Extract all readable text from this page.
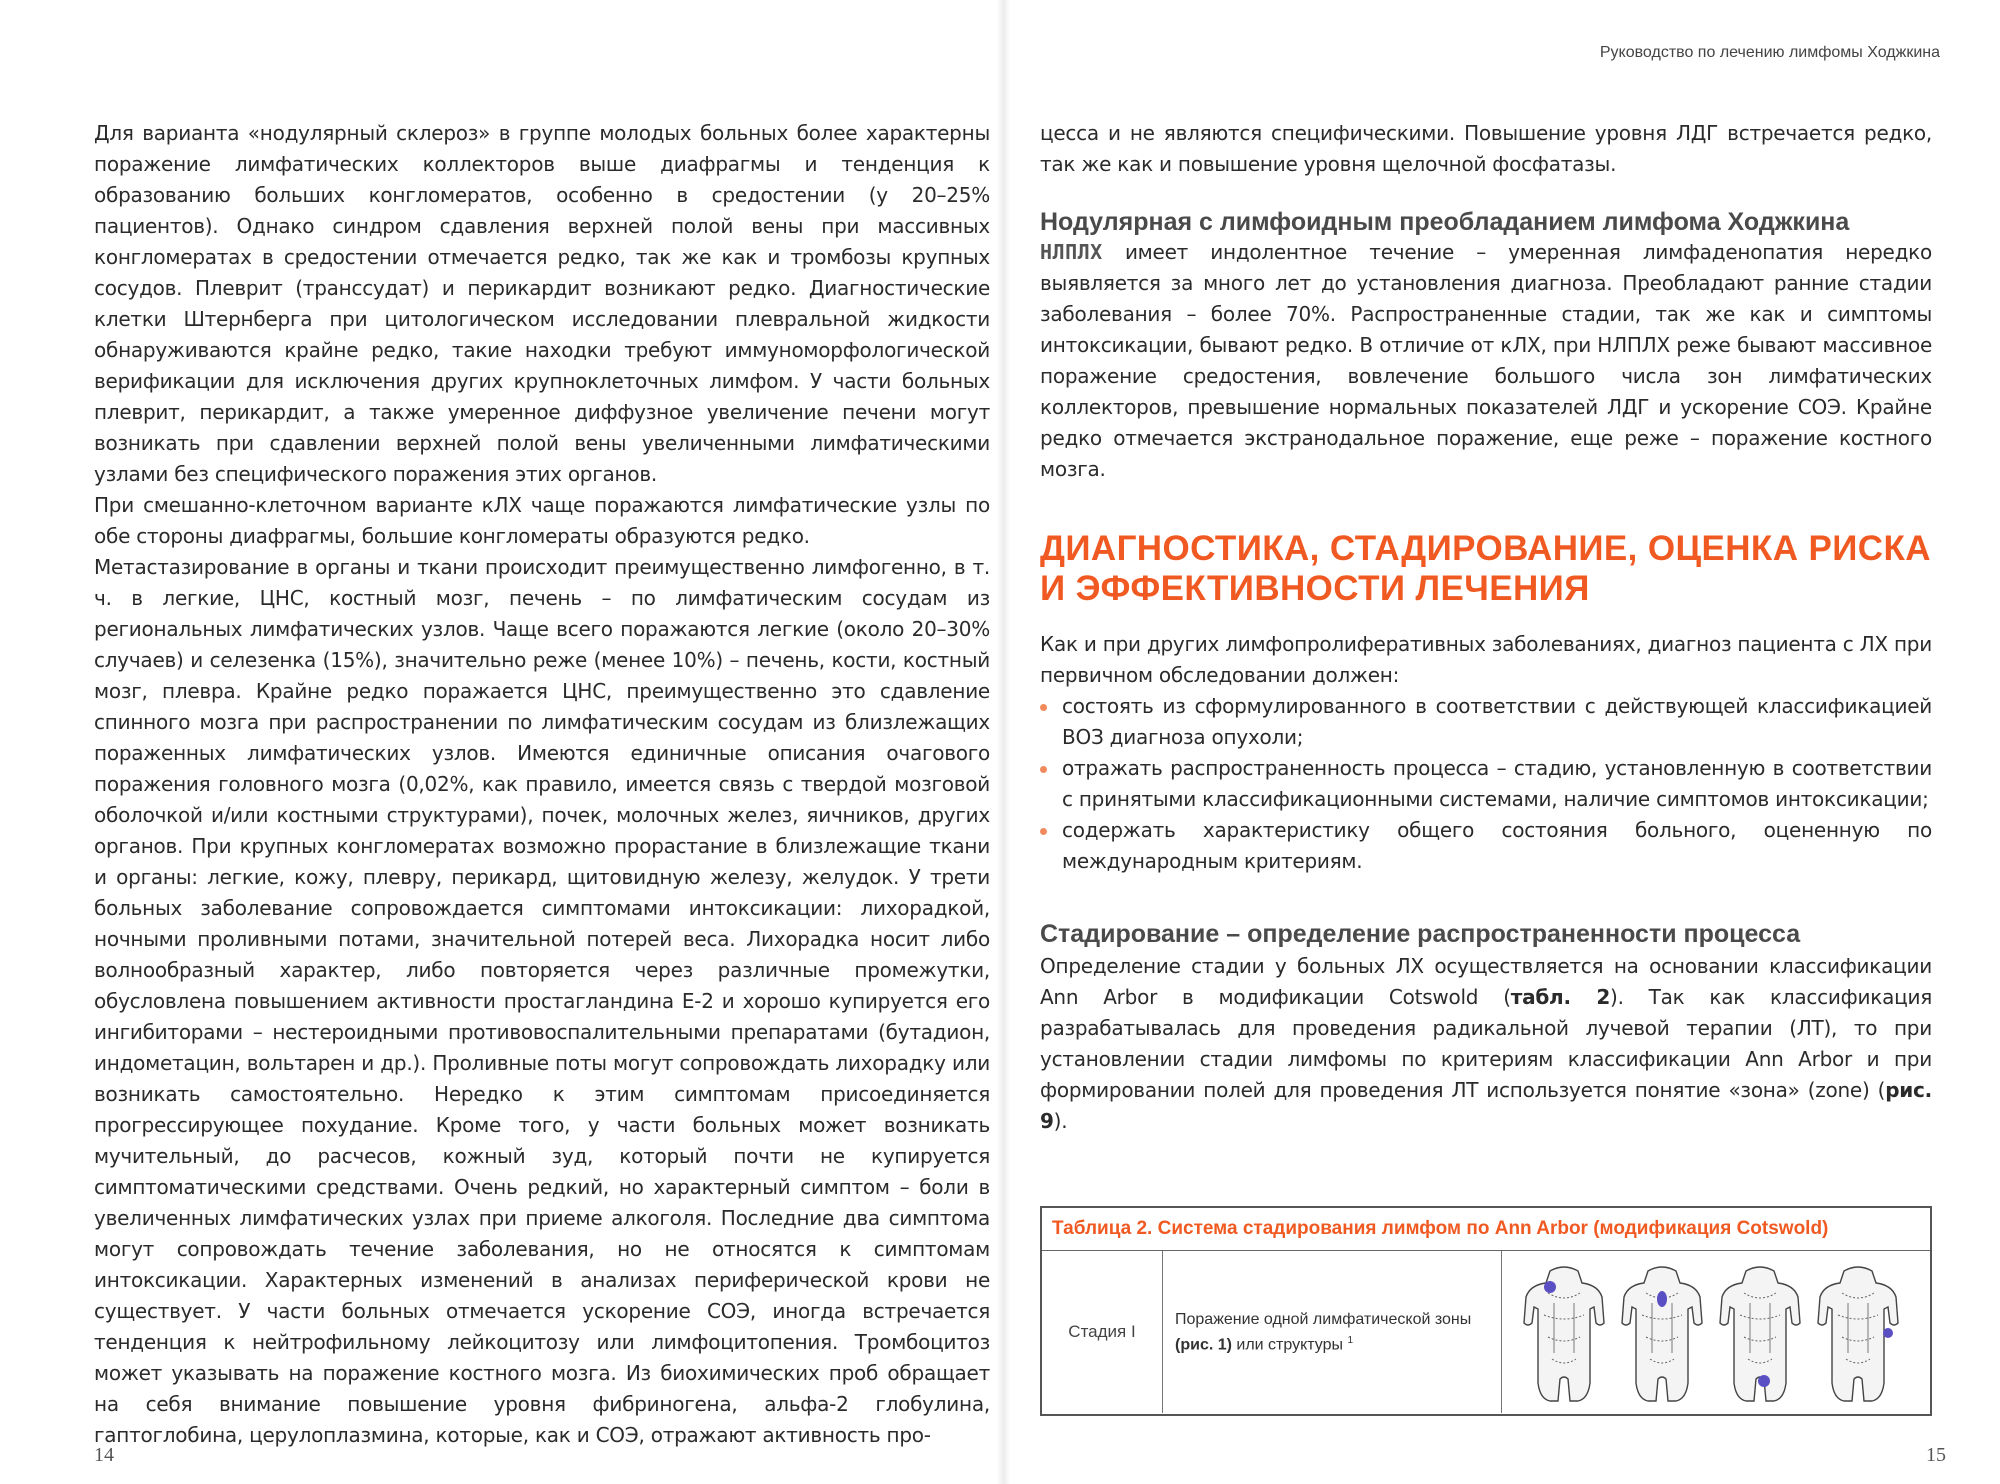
Руководство по лечению лимфомы Ходжкина

Для варианта «нодулярный склероз» в группе молодых больных более характерны поражение лимфатических коллекторов выше диафрагмы и тенденция к образованию больших конгломератов, особенно в средостении (у 20–25% пациентов). Однако синдром сдавления верхней полой вены при массивных конгломератах в средостении отмечается редко, так же как и тромбозы крупных сосудов. Плеврит (транссудат) и перикардит возникают редко. Диагностические клетки Штернберга при цитологическом исследовании плевральной жидкости обнаруживаются крайне редко, такие находки требуют иммуноморфологической верификации для исключения других крупноклеточных лимфом. У части больных плеврит, перикардит, а также умеренное диффузное увеличение печени могут возникать при сдавлении верхней полой вены увеличенными лимфатическими узлами без специфического поражения этих органов.

При смешанно-клеточном варианте кЛХ чаще поражаются лимфатические узлы по обе стороны диафрагмы, большие конгломераты образуются редко.

Метастазирование в органы и ткани происходит преимущественно лимфогенно, в т. ч. в легкие, ЦНС, костный мозг, печень – по лимфатическим сосудам из региональных лимфатических узлов. Чаще всего поражаются легкие (около 20–30% случаев) и селезенка (15%), значительно реже (менее 10%) – печень, кости, костный мозг, плевра. Крайне редко поражается ЦНС, преимущественно это сдавление спинного мозга при распространении по лимфатическим сосудам из близлежащих пораженных лимфатических узлов. Имеются единичные описания очагового поражения головного мозга (0,02%, как правило, имеется связь с твердой мозговой оболочкой и/или костными структурами), почек, молочных желез, яичников, других органов. При крупных конгломератах возможно прорастание в близлежащие ткани и органы: легкие, кожу, плевру, перикард, щитовидную железу, желудок. У трети больных заболевание сопровождается симптомами интоксикации: лихорадкой, ночными проливными потами, значительной потерей веса. Лихорадка носит либо волнообразный характер, либо повторяется через различные промежутки, обусловлена повышением активности простагландина Е-2 и хорошо купируется его ингибиторами – нестероидными противовоспалительными препаратами (бутадион, индометацин, вольтарен и др.). Проливные поты могут сопровождать лихорадку или возникать самостоятельно. Нередко к этим симптомам присоединяется прогрессирующее похудание. Кроме того, у части больных может возникать мучительный, до расчесов, кожный зуд, который почти не купируется симптоматическими средствами. Очень редкий, но характерный симптом – боли в увеличенных лимфатических узлах при приеме алкоголя. Последние два симптома могут сопровождать течение заболевания, но не относятся к симптомам интоксикации. Характерных изменений в анализах периферической крови не существует. У части больных отмечается ускорение СОЭ, иногда встречается тенденция к нейтрофильному лейкоцитозу или лимфоцитопения. Тромбоцитоз может указывать на поражение костного мозга. Из биохимических проб обращает на себя внимание повышение уровня фибриногена, альфа-2 глобулина, гаптоглобина, церулоплазмина, которые, как и СОЭ, отражают активность про-

14

цесса и не являются специфическими. Повышение уровня ЛДГ встречается редко, так же как и повышение уровня щелочной фосфатазы.

Нодулярная с лимфоидным преобладанием лимфома Ходжкина

НЛПЛХ имеет индолентное течение – умеренная лимфаденопатия нередко выявляется за много лет до установления диагноза. Преобладают ранние стадии заболевания – более 70%. Распространенные стадии, так же как и симптомы интоксикации, бывают редко. В отличие от кЛХ, при НЛПЛХ реже бывают массивное поражение средостения, вовлечение большого числа зон лимфатических коллекторов, превышение нормальных показателей ЛДГ и ускорение СОЭ. Крайне редко отмечается экстранодальное поражение, еще реже – поражение костного мозга.

ДИАГНОСТИКА, СТАДИРОВАНИЕ, ОЦЕНКА РИСКА И ЭФФЕКТИВНОСТИ ЛЕЧЕНИЯ

Как и при других лимфопролиферативных заболеваниях, диагноз пациента с ЛХ при первичном обследовании должен:

состоять из сформулированного в соответствии с действующей классификацией ВОЗ диагноза опухоли;
отражать распространенность процесса – стадию, установленную в соответствии с принятыми классификационными системами, наличие симптомов интоксикации;
содержать характеристику общего состояния больного, оцененную по международным критериям.
Стадирование – определение распространенности процесса

Определение стадии у больных ЛХ осуществляется на основании классификации Ann Arbor в модификации Cotswold (табл. 2). Так как классификация разрабатывалась для проведения радикальной лучевой терапии (ЛТ), то при установлении стадии лимфомы по критериям классификации Ann Arbor и при формировании полей для проведения ЛТ используется понятие «зона» (zone) (рис. 9).

Таблица 2. Система стадирования лимфом по Ann Arbor (модификация Cotswold)
Стадия I
Поражение одной лимфатической зоны
(рис. 1) или структуры $^1$
15
